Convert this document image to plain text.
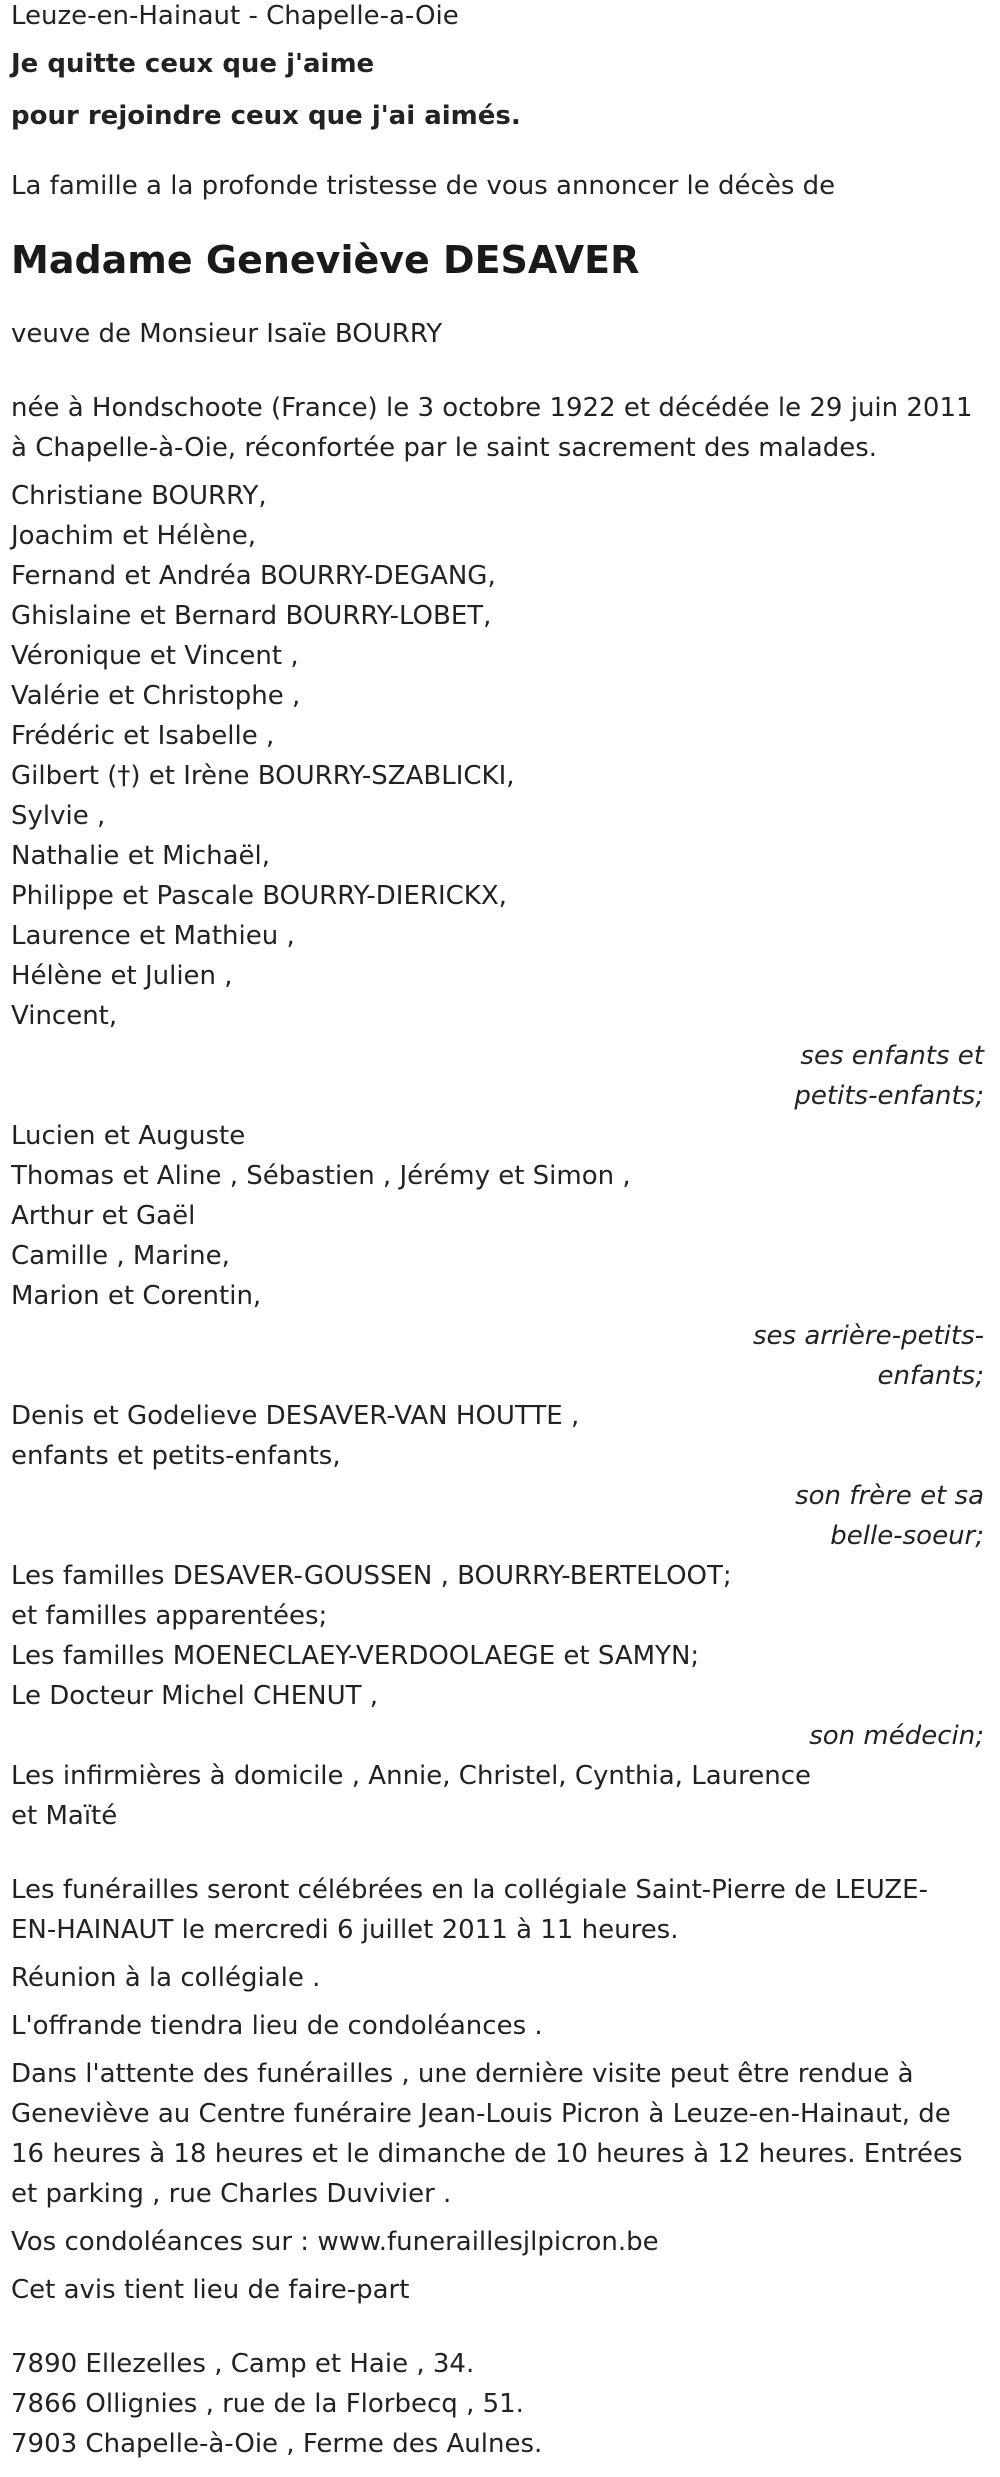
Leuze-en-Hainaut - Chapelle-a-Oie
Je quitte ceux que j'aime
pour rejoindre ceux que j'ai aimés.
La famille a la profonde tristesse de vous annoncer le décès de
Madame Geneviève DESAVER
veuve de Monsieur Isaïe BOURRY
née à Hondschoote (France) le 3 octobre 1922 et décédée le 29 juin 2011
à Chapelle-à-Oie, réconfortée par le saint sacrement des malades.
Christiane BOURRY,
Joachim et Hélène,
Fernand et Andréa BOURRY-DEGANG,
Ghislaine et Bernard BOURRY-LOBET,
Véronique et Vincent ,
Valérie et Christophe ,
Frédéric et Isabelle ,
Gilbert (†) et Irène BOURRY-SZABLICKI,
Sylvie ,
Nathalie et Michaël,
Philippe et Pascale BOURRY-DIERICKX,
Laurence et Mathieu ,
Hélène et Julien ,
Vincent,
ses enfants et
petits-enfants;
Lucien et Auguste
Thomas et Aline , Sébastien , Jérémy et Simon ,
Arthur et Gaël
Camille , Marine,
Marion et Corentin,
ses arrière-petits-
enfants;
Denis et Godelieve DESAVER-VAN HOUTTE ,
enfants et petits-enfants,
son frère et sa
belle-soeur;
Les familles DESAVER-GOUSSEN , BOURRY-BERTELOOT;
et familles apparentées;
Les familles MOENECLAEY-VERDOOLAEGE et SAMYN;
Le Docteur Michel CHENUT ,
son médecin;
Les infirmières à domicile , Annie, Christel, Cynthia, Laurence
et Maïté
Les funérailles seront célébrées en la collégiale Saint-Pierre de LEUZE-
EN-HAINAUT le mercredi 6 juillet 2011 à 11 heures.
Réunion à la collégiale .
L'offrande tiendra lieu de condoléances .
Dans l'attente des funérailles , une dernière visite peut être rendue à
Geneviève au Centre funéraire Jean-Louis Picron à Leuze-en-Hainaut, de
16 heures à 18 heures et le dimanche de 10 heures à 12 heures. Entrées
et parking , rue Charles Duvivier .
Vos condoléances sur : www.funeraillesjlpicron.be
Cet avis tient lieu de faire-part
7890 Ellezelles , Camp et Haie , 34.
7866 Ollignies , rue de la Florbecq , 51.
7903 Chapelle-à-Oie , Ferme des Aulnes.
